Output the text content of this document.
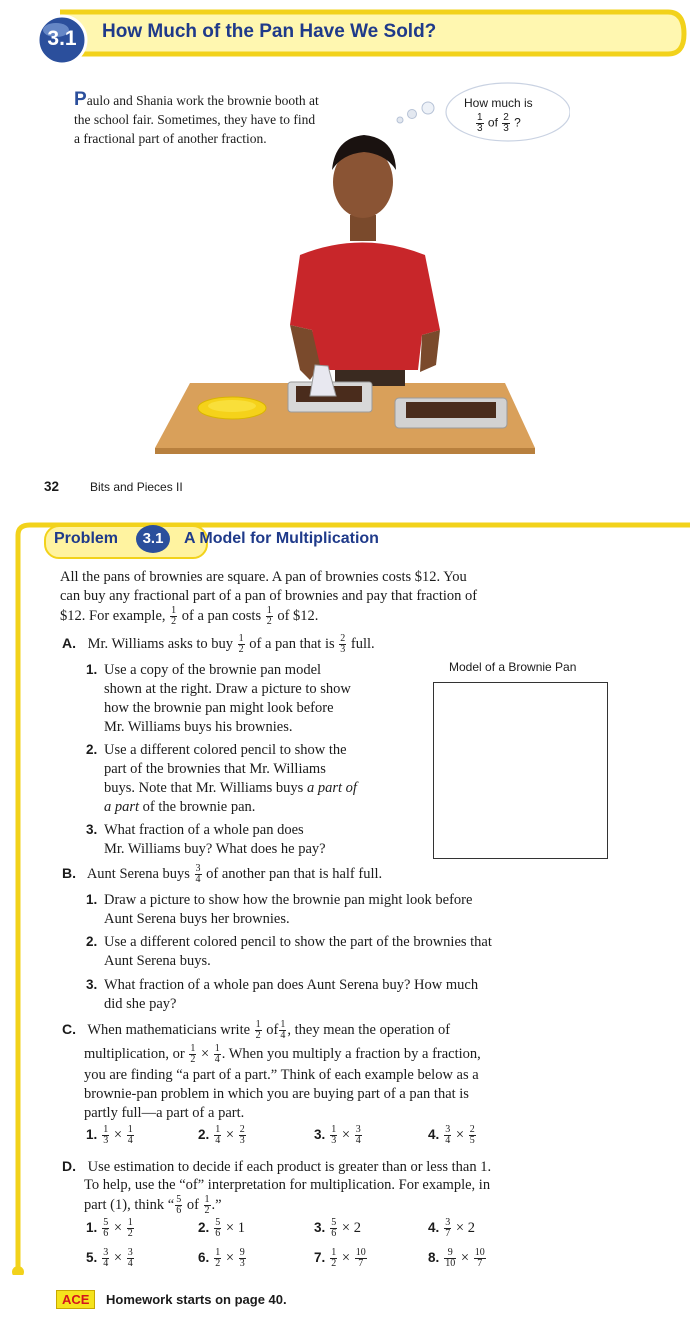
3.1	How Much of the Pan Have We Sold?
Paulo and Shania work the brownie booth at the school fair. Sometimes, they have to find a fractional part of another fraction.
How much is
$\frac{1}{3}$ of $\frac{2}{3}$ ?
32	Bits and Pieces II
Problem	3.1	A Model for Multiplication
All the pans of brownies are square. A pan of brownies costs $12. You
can buy any fractional part of a pan of brownies and pay that fraction of
$12. For example, $\frac{1}{2}$ of a pan costs $\frac{1}{2}$ of $12.
A. Mr. Williams asks to buy $\frac{1}{2}$ of a pan that is $\frac{2}{3}$ full.
1. Use a copy of the brownie pan model
shown at the right. Draw a picture to show
how the brownie pan might look before
Mr. Williams buys his brownies.
2. Use a different colored pencil to show the
part of the brownies that Mr. Williams
buys. Note that Mr. Williams buys a part of
a part of the brownie pan.
3. What fraction of a whole pan does
Mr. Williams buy? What does he pay?
Model of a Brownie Pan
B. Aunt Serena buys $\frac{3}{4}$ of another pan that is half full.
1. Draw a picture to show how the brownie pan might look before
Aunt Serena buys her brownies.
2. Use a different colored pencil to show the part of the brownies that
Aunt Serena buys.
3. What fraction of a whole pan does Aunt Serena buy? How much
did she pay?
C. When mathematicians write $\frac{1}{2}$ of $\frac{1}{4}$ , they mean the operation of
multiplication, or $\frac{1}{2} \times \frac{1}{4}$ . When you multiply a fraction by a fraction,
you are finding “a part of a part.” Think of each example below as a
brownie-pan problem in which you are buying part of a pan that is
partly full—a part of a part.
1. $\frac{1}{3} \times \frac{1}{4}$	2. $\frac{1}{4} \times \frac{2}{3}$	3. $\frac{1}{3} \times \frac{3}{4}$	4. $\frac{3}{4} \times \frac{2}{5}$
D. Use estimation to decide if each product is greater than or less than 1.
To help, use the “of” interpretation for multiplication. For example, in
part (1), think “ $\frac{5}{6}$ of $\frac{1}{2}$ .”
1. $\frac{5}{6} \times \frac{1}{2}$	2. $\frac{5}{6} \times 1$	3. $\frac{5}{6} \times 2$	4. $\frac{3}{7} \times 2$
5. $\frac{3}{4} \times \frac{3}{4}$	6. $\frac{1}{2} \times \frac{9}{3}$	7. $\frac{1}{2} \times \frac{10}{7}$	8. $\frac{9}{10} \times \frac{10}{7}$
ACE	Homework starts on page 40.
